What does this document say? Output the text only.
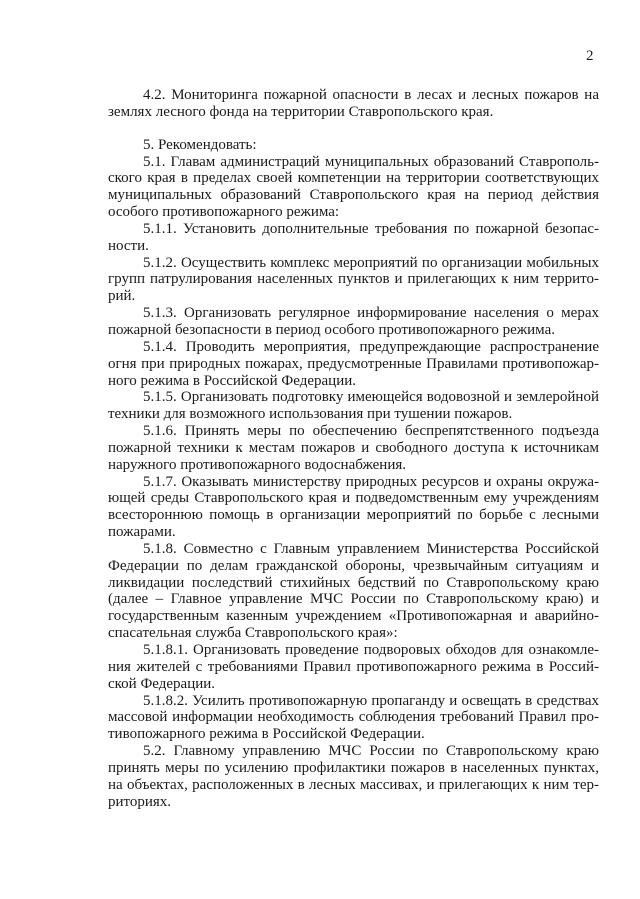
2

4.2. Мониторинга пожарной опасности в лесах и лесных пожаров на землях лесного фонда на территории Ставропольского края.

5. Рекомендовать:

5.1. Главам администраций муниципальных образований Ставропольского края в пределах своей компетенции на территории соответствующих муниципальных образований Ставропольского края на период действия особого противопожарного режима:

5.1.1. Установить дополнительные требования по пожарной безопасности.

5.1.2. Осуществить комплекс мероприятий по организации мобильных групп патрулирования населенных пунктов и прилегающих к ним территорий.

5.1.3. Организовать регулярное информирование населения о мерах пожарной безопасности в период особого противопожарного режима.

5.1.4. Проводить мероприятия, предупреждающие распространение огня при природных пожарах, предусмотренные Правилами противопожарного режима в Российской Федерации.

5.1.5. Организовать подготовку имеющейся водовозной и землеройной техники для возможного использования при тушении пожаров.

5.1.6. Принять меры по обеспечению беспрепятственного подъезда пожарной техники к местам пожаров и свободного доступа к источникам наружного противопожарного водоснабжения.

5.1.7. Оказывать министерству природных ресурсов и охраны окружающей среды Ставропольского края и подведомственным ему учреждениям всестороннюю помощь в организации мероприятий по борьбе с лесными пожарами.

5.1.8. Совместно с Главным управлением Министерства Российской Федерации по делам гражданской обороны, чрезвычайным ситуациям и ликвидации последствий стихийных бедствий по Ставропольскому краю (далее – Главное управление МЧС России по Ставропольскому краю) и государственным казенным учреждением «Противопожарная и аварийно-спасательная служба Ставропольского края»:

5.1.8.1. Организовать проведение подворовых обходов для ознакомления жителей с требованиями Правил противопожарного режима в Российской Федерации.

5.1.8.2. Усилить противопожарную пропаганду и освещать в средствах массовой информации необходимость соблюдения требований Правил противопожарного режима в Российской Федерации.

5.2. Главному управлению МЧС России по Ставропольскому краю принять меры по усилению профилактики пожаров в населенных пунктах, на объектах, расположенных в лесных массивах, и прилегающих к ним территориях.
